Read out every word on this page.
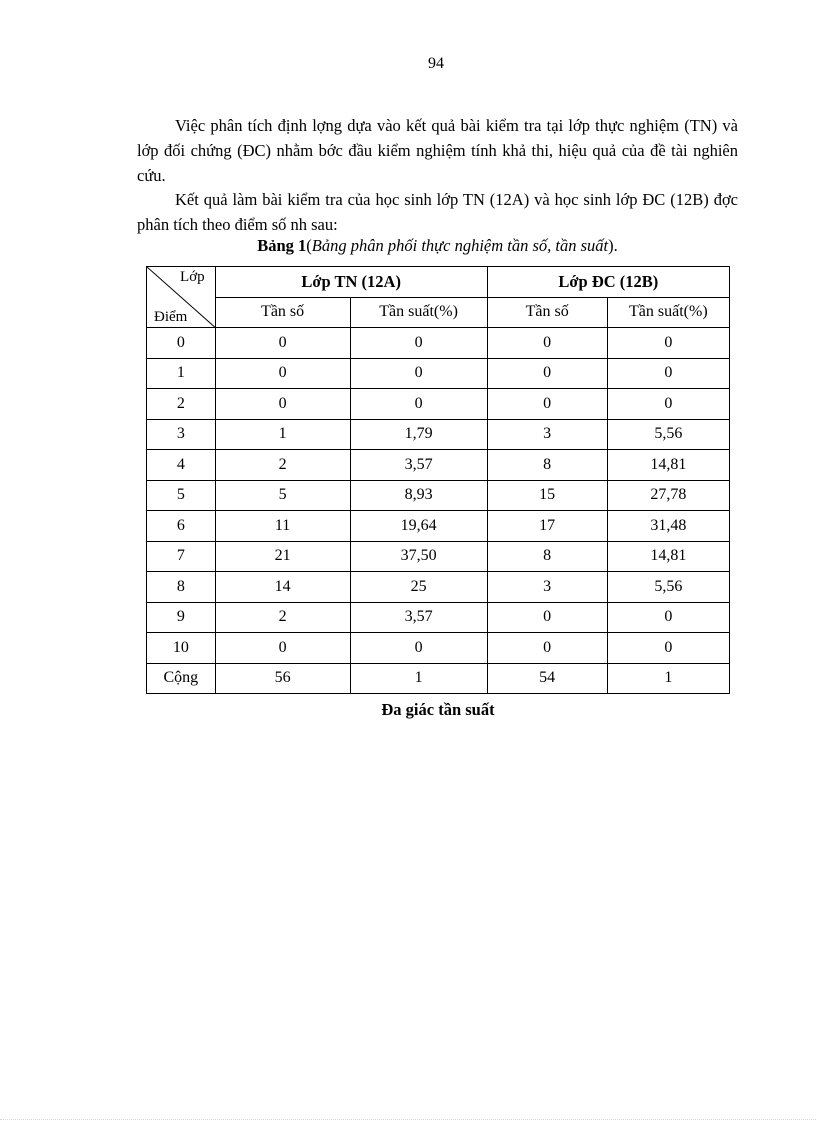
94

Việc phân tích định lợng dựa vào kết quả bài kiểm tra tại lớp thực nghiệm (TN) và lớp đối chứng (ĐC) nhằm bớc đầu kiểm nghiệm tính khả thi, hiệu quả của đề tài nghiên cứu.

Kết quả làm bài kiểm tra của học sinh lớp TN (12A) và học sinh lớp ĐC (12B) đợc phân tích theo điểm số nh sau:

Bảng 1(Bảng phân phối thực nghiệm tần số, tần suất).
Lớp
Điểm	Lớp TN (12A)		Lớp ĐC (12B)	
	Tần số	Tần suất(%)	Tần số	Tần suất(%)
0	0	0	0	0
1	0	0	0	0
2	0	0	0	0
3	1	1,79	3	5,56
4	2	3,57	8	14,81
5	5	8,93	15	27,78
6	11	19,64	17	31,48
7	21	37,50	8	14,81
8	14	25	3	5,56
9	2	3,57	0	0
10	0	0	0	0
Cộng	56	1	54	1
Đa giác tần suất
